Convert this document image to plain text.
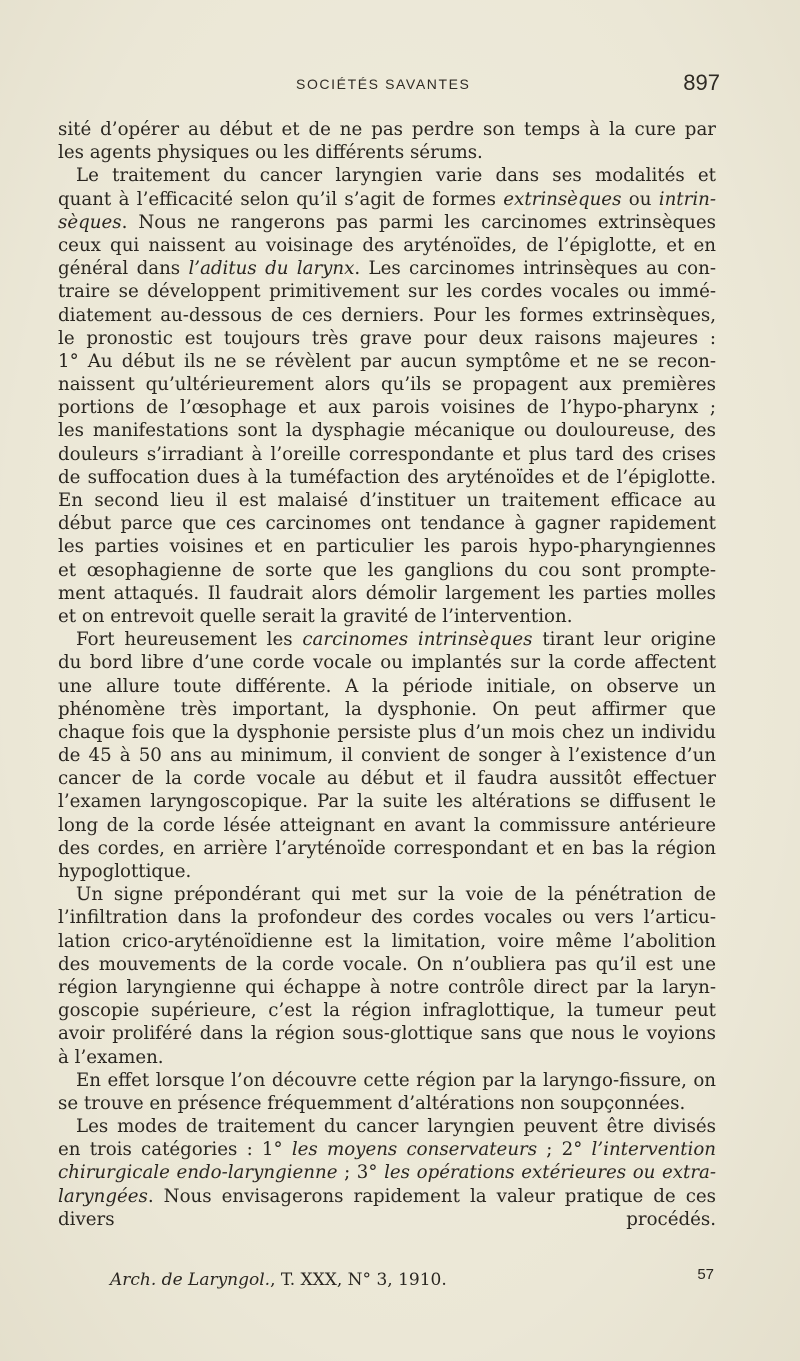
SOCIÉTÉS SAVANTES	897
sité d’opérer au début et de ne pas perdre son temps à la cure par
les agents physiques ou les différents sérums.
Le traitement du cancer laryngien varie dans ses modalités et
quant à l’efficacité selon qu’il s’agit de formes extrinsèques ou intrin-
sèques. Nous ne rangerons pas parmi les carcinomes extrinsèques
ceux qui naissent au voisinage des aryténoïdes, de l’épiglotte, et en
général dans l’aditus du larynx. Les carcinomes intrinsèques au con-
traire se développent primitivement sur les cordes vocales ou immé-
diatement au-dessous de ces derniers. Pour les formes extrinsèques,
le pronostic est toujours très grave pour deux raisons majeures :
1° Au début ils ne se révèlent par aucun symptôme et ne se recon-
naissent qu’ultérieurement alors qu’ils se propagent aux premières
portions de l’œsophage et aux parois voisines de l’hypo-pharynx ;
les manifestations sont la dysphagie mécanique ou douloureuse, des
douleurs s’irradiant à l’oreille correspondante et plus tard des crises
de suffocation dues à la tuméfaction des aryténoïdes et de l’épiglotte.
En second lieu il est malaisé d’instituer un traitement efficace au
début parce que ces carcinomes ont tendance à gagner rapidement
les parties voisines et en particulier les parois hypo-pharyngiennes
et œsophagienne de sorte que les ganglions du cou sont prompte-
ment attaqués. Il faudrait alors démolir largement les parties molles
et on entrevoit quelle serait la gravité de l’intervention.
Fort heureusement les carcinomes intrinsèques tirant leur origine
du bord libre d’une corde vocale ou implantés sur la corde affectent
une allure toute différente. A la période initiale, on observe un
phénomène très important, la dysphonie. On peut affirmer que
chaque fois que la dysphonie persiste plus d’un mois chez un individu
de 45 à 50 ans au minimum, il convient de songer à l’existence d’un
cancer de la corde vocale au début et il faudra aussitôt effectuer
l’examen laryngoscopique. Par la suite les altérations se diffusent le
long de la corde lésée atteignant en avant la commissure antérieure
des cordes, en arrière l’aryténoïde correspondant et en bas la région
hypoglottique.
Un signe prépondérant qui met sur la voie de la pénétration de
l’infiltration dans la profondeur des cordes vocales ou vers l’articu-
lation crico-aryténoïdienne est la limitation, voire même l’abolition
des mouvements de la corde vocale. On n’oubliera pas qu’il est une
région laryngienne qui échappe à notre contrôle direct par la laryn-
goscopie supérieure, c’est la région infraglottique, la tumeur peut
avoir proliféré dans la région sous-glottique sans que nous le voyions
à l’examen.
En effet lorsque l’on découvre cette région par la laryngo-fissure, on
se trouve en présence fréquemment d’altérations non soupçonnées.
Les modes de traitement du cancer laryngien peuvent être divisés
en trois catégories : 1° les moyens conservateurs ; 2° l’intervention
chirurgicale endo-laryngienne ; 3° les opérations extérieures ou extra-
laryngées. Nous envisagerons rapidement la valeur pratique de ces
divers procédés.
Arch. de Laryngol., T. XXX, N° 3, 1910.	57
